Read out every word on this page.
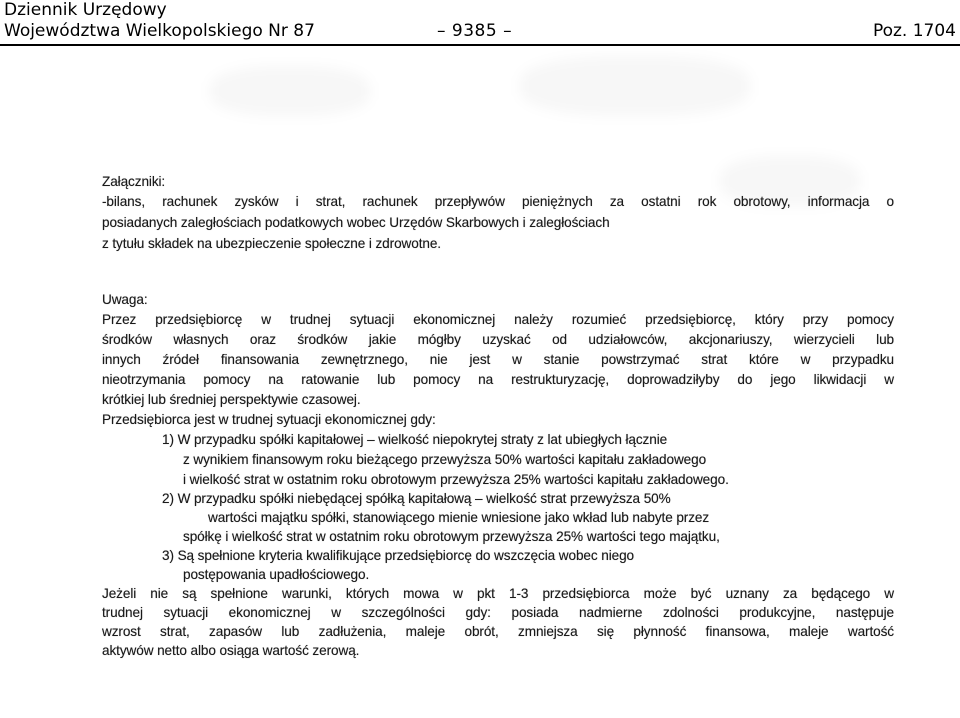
Dziennik Urzędowy
Województwa Wielkopolskiego Nr 87	– 9385 –	Poz. 1704
Załączniki:
-bilans, rachunek zysków i strat, rachunek przepływów pieniężnych za ostatni rok obrotowy, informacja o
posiadanych zaległościach podatkowych wobec Urzędów Skarbowych i zaległościach
z tytułu składek na ubezpieczenie społeczne i zdrowotne.
Uwaga:
Przez przedsiębiorcę w trudnej sytuacji ekonomicznej należy rozumieć przedsiębiorcę, który przy pomocy
środków własnych oraz środków jakie mógłby uzyskać od udziałowców, akcjonariuszy, wierzycieli lub
innych źródeł finansowania zewnętrznego, nie jest w stanie powstrzymać strat które w przypadku
nieotrzymania pomocy na ratowanie lub pomocy na restrukturyzację, doprowadziłyby do jego likwidacji w
krótkiej lub średniej perspektywie czasowej.
Przedsiębiorca jest w trudnej sytuacji ekonomicznej gdy:
1) W przypadku spółki kapitałowej – wielkość niepokrytej straty z lat ubiegłych łącznie
z wynikiem finansowym roku bieżącego przewyższa 50% wartości kapitału zakładowego
i wielkość strat w ostatnim roku obrotowym przewyższa 25% wartości kapitału zakładowego.
2) W przypadku spółki niebędącej spółką kapitałową – wielkość strat przewyższa 50%
wartości majątku spółki, stanowiącego mienie wniesione jako wkład lub nabyte przez
spółkę i wielkość strat w ostatnim roku obrotowym przewyższa 25% wartości tego majątku,
3) Są spełnione kryteria kwalifikujące przedsiębiorcę do wszczęcia wobec niego
postępowania upadłościowego.
Jeżeli nie są spełnione warunki, których mowa w pkt 1-3 przedsiębiorca może być uznany za będącego w
trudnej sytuacji ekonomicznej w szczególności gdy: posiada nadmierne zdolności produkcyjne, następuje
wzrost strat, zapasów lub zadłużenia, maleje obrót, zmniejsza się płynność finansowa, maleje wartość
aktywów netto albo osiąga wartość zerową.
